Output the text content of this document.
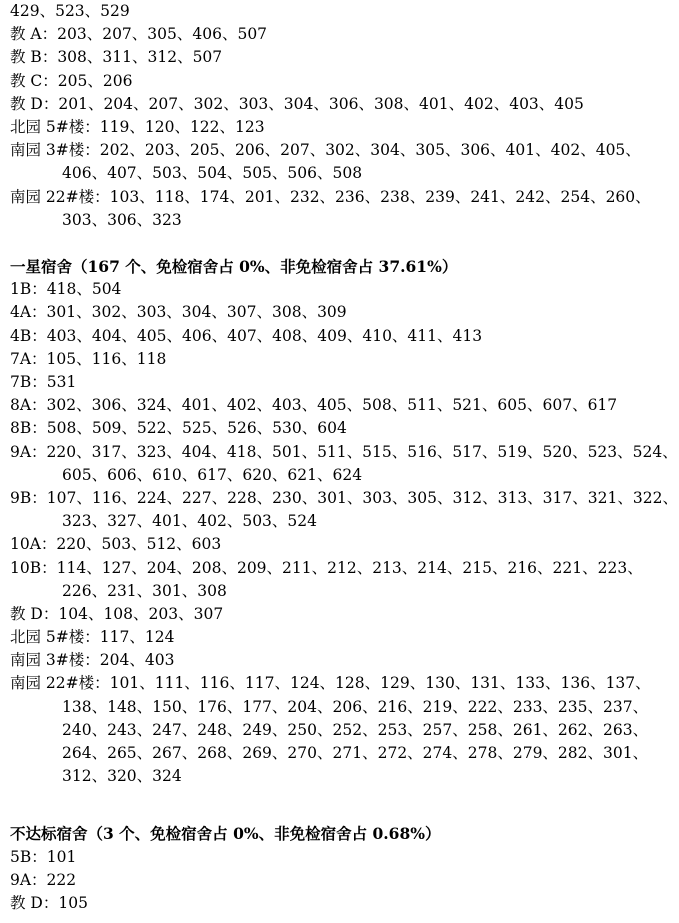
429、523、529
教 A：203、207、305、406、507
教 B：308、311、312、507
教 C：205、206
教 D：201、204、207、302、303、304、306、308、401、402、403、405
北园 5#楼：119、120、122、123
南园 3#楼：202、203、205、206、207、302、304、305、306、401、402、405、
406、407、503、504、505、506、508
南园 22#楼：103、118、174、201、232、236、238、239、241、242、254、260、
303、306、323
一星宿舍（167 个、免检宿舍占 0%、非免检宿舍占 37.61%）
1B：418、504
4A：301、302、303、304、307、308、309
4B：403、404、405、406、407、408、409、410、411、413
7A：105、116、118
7B：531
8A：302、306、324、401、402、403、405、508、511、521、605、607、617
8B：508、509、522、525、526、530、604
9A：220、317、323、404、418、501、511、515、516、517、519、520、523、524、
605、606、610、617、620、621、624
9B：107、116、224、227、228、230、301、303、305、312、313、317、321、322、
323、327、401、402、503、524
10A：220、503、512、603
10B：114、127、204、208、209、211、212、213、214、215、216、221、223、
226、231、301、308
教 D：104、108、203、307
北园 5#楼：117、124
南园 3#楼：204、403
南园 22#楼：101、111、116、117、124、128、129、130、131、133、136、137、
138、148、150、176、177、204、206、216、219、222、233、235、237、
240、243、247、248、249、250、252、253、257、258、261、262、263、
264、265、267、268、269、270、271、272、274、278、279、282、301、
312、320、324
不达标宿舍（3 个、免检宿舍占 0%、非免检宿舍占 0.68%）
5B：101
9A：222
教 D：105
